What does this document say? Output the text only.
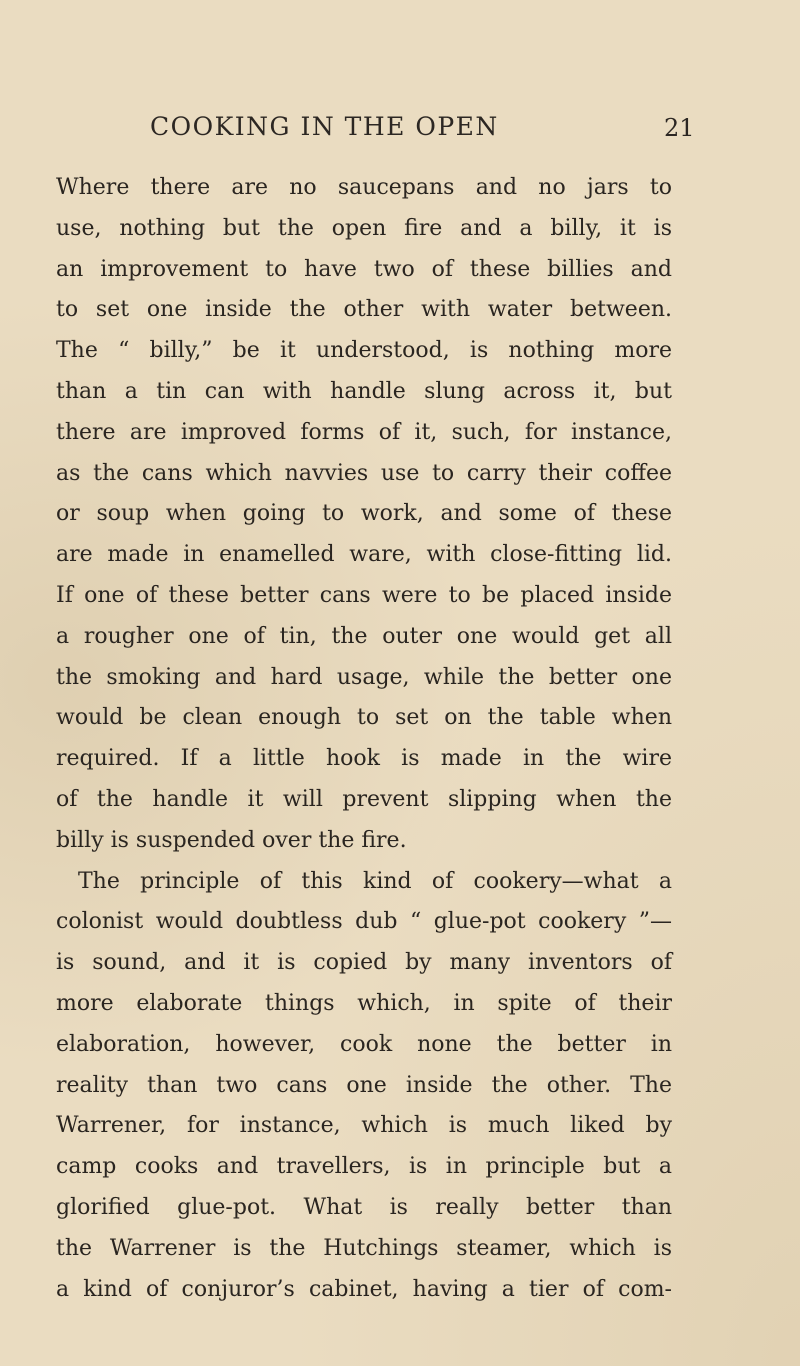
COOKING IN THE OPEN	21
Where there are no saucepans and no jars to
use, nothing but the open fire and a billy, it is
an improvement to have two of these billies and
to set one inside the other with water between.
The “ billy,” be it understood, is nothing more
than a tin can with handle slung across it, but
there are improved forms of it, such, for instance,
as the cans which navvies use to carry their coffee
or soup when going to work, and some of these
are made in enamelled ware, with close-fitting lid.
If one of these better cans were to be placed inside
a rougher one of tin, the outer one would get all
the smoking and hard usage, while the better one
would be clean enough to set on the table when
required. If a little hook is made in the wire
of the handle it will prevent slipping when the
billy is suspended over the fire.
The principle of this kind of cookery—what a
colonist would doubtless dub “ glue-pot cookery ”—
is sound, and it is copied by many inventors of
more elaborate things which, in spite of their
elaboration, however, cook none the better in
reality than two cans one inside the other. The
Warrener, for instance, which is much liked by
camp cooks and travellers, is in principle but a
glorified glue-pot. What is really better than
the Warrener is the Hutchings steamer, which is
a kind of conjuror’s cabinet, having a tier of com-
